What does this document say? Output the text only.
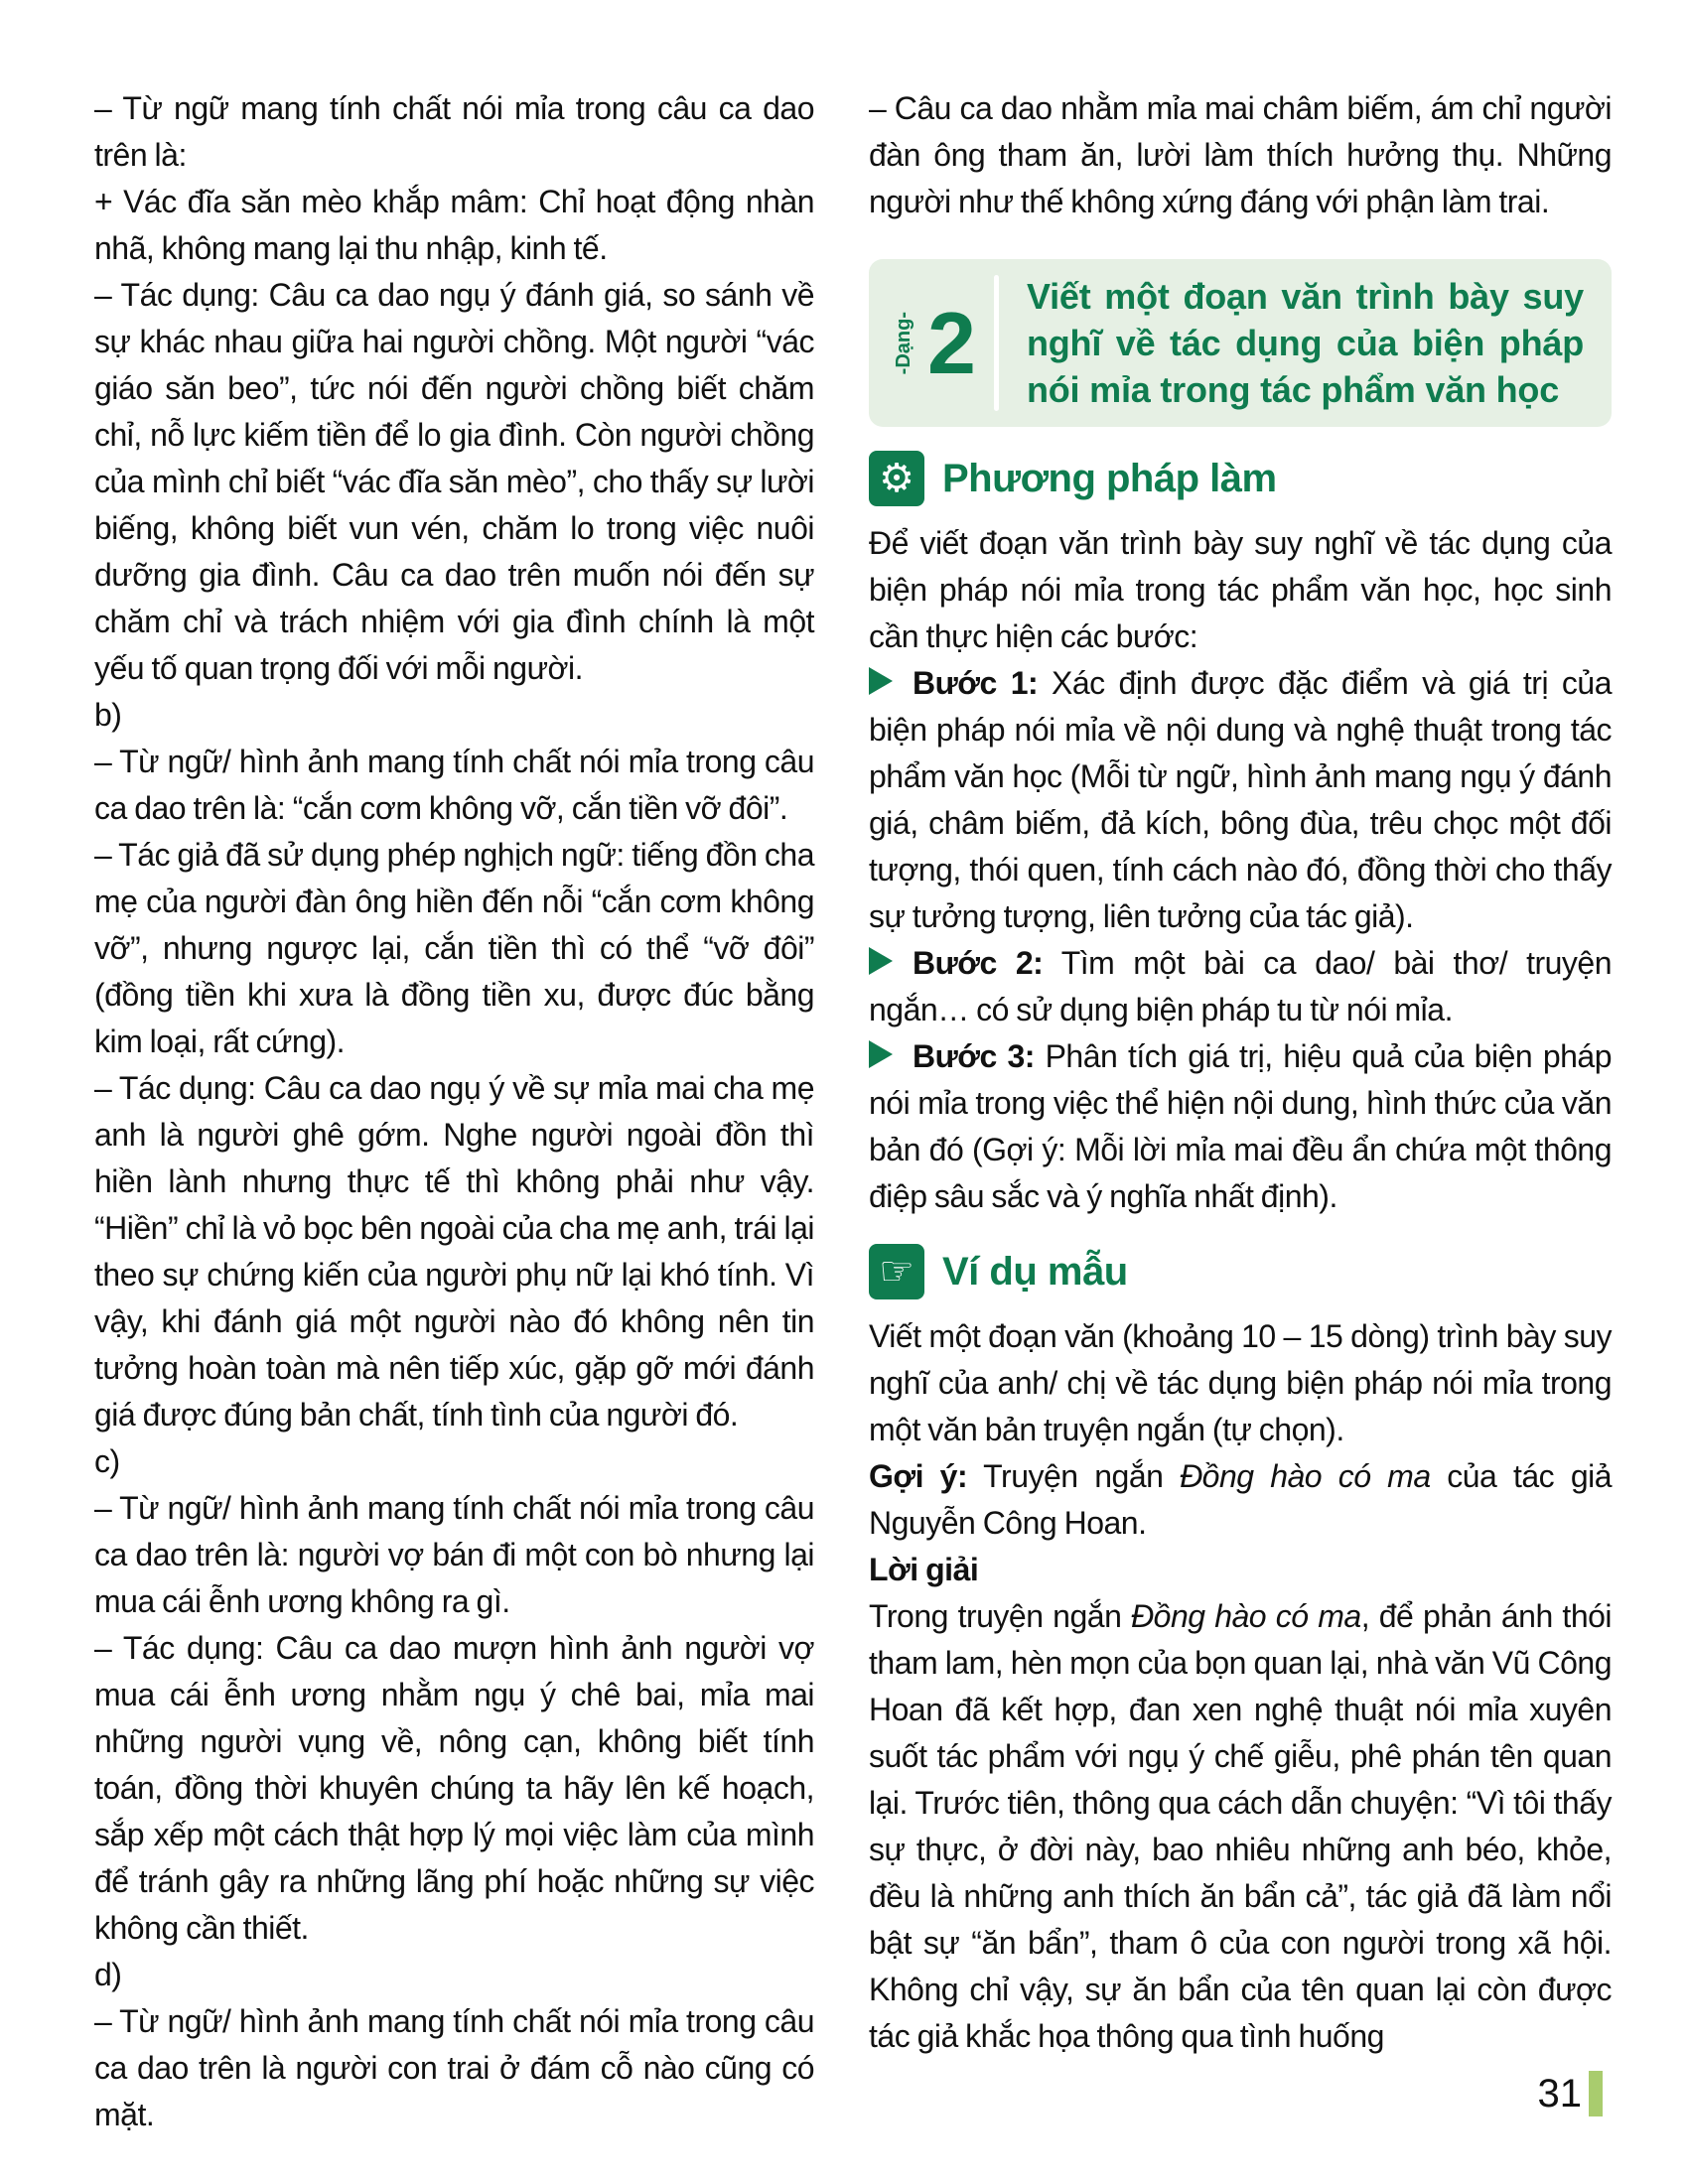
– Từ ngữ mang tính chất nói mỉa trong câu ca dao trên là:

+ Vác đĩa săn mèo khắp mâm: Chỉ hoạt động nhàn nhã, không mang lại thu nhập, kinh tế.

– Tác dụng: Câu ca dao ngụ ý đánh giá, so sánh về sự khác nhau giữa hai người chồng. Một người “vác giáo săn beo”, tức nói đến người chồng biết chăm chỉ, nỗ lực kiếm tiền để lo gia đình. Còn người chồng của mình chỉ biết “vác đĩa săn mèo”, cho thấy sự lười biếng, không biết vun vén, chăm lo trong việc nuôi dưỡng gia đình. Câu ca dao trên muốn nói đến sự chăm chỉ và trách nhiệm với gia đình chính là một yếu tố quan trọng đối với mỗi người.

b)

– Từ ngữ/ hình ảnh mang tính chất nói mỉa trong câu ca dao trên là: “cắn cơm không vỡ, cắn tiền vỡ đôi”.

– Tác giả đã sử dụng phép nghịch ngữ: tiếng đồn cha mẹ của người đàn ông hiền đến nỗi “cắn cơm không vỡ”, nhưng ngược lại, cắn tiền thì có thể “vỡ đôi” (đồng tiền khi xưa là đồng tiền xu, được đúc bằng kim loại, rất cứng).

– Tác dụng: Câu ca dao ngụ ý về sự mỉa mai cha mẹ anh là người ghê gớm. Nghe người ngoài đồn thì hiền lành nhưng thực tế thì không phải như vậy. “Hiền” chỉ là vỏ bọc bên ngoài của cha mẹ anh, trái lại theo sự chứng kiến của người phụ nữ lại khó tính. Vì vậy, khi đánh giá một người nào đó không nên tin tưởng hoàn toàn mà nên tiếp xúc, gặp gỡ mới đánh giá được đúng bản chất, tính tình của người đó.

c)

– Từ ngữ/ hình ảnh mang tính chất nói mỉa trong câu ca dao trên là: người vợ bán đi một con bò nhưng lại mua cái ễnh ương không ra gì.

– Tác dụng: Câu ca dao mượn hình ảnh người vợ mua cái ễnh ương nhằm ngụ ý chê bai, mỉa mai những người vụng về, nông cạn, không biết tính toán, đồng thời khuyên chúng ta hãy lên kế hoạch, sắp xếp một cách thật hợp lý mọi việc làm của mình để tránh gây ra những lãng phí hoặc những sự việc không cần thiết.

d)

– Từ ngữ/ hình ảnh mang tính chất nói mỉa trong câu ca dao trên là người con trai ở đám cỗ nào cũng có mặt.

– Câu ca dao nhằm mỉa mai châm biếm, ám chỉ người đàn ông tham ăn, lười làm thích hưởng thụ. Những người như thế không xứng đáng với phận làm trai.

-Dạng- 2 Viết một đoạn văn trình bày suy nghĩ về tác dụng của biện pháp nói mỉa trong tác phẩm văn học
⚙ Phương pháp làm

Để viết đoạn văn trình bày suy nghĩ về tác dụng của biện pháp nói mỉa trong tác phẩm văn học, học sinh cần thực hiện các bước:

Bước 1: Xác định được đặc điểm và giá trị của biện pháp nói mỉa về nội dung và nghệ thuật trong tác phẩm văn học (Mỗi từ ngữ, hình ảnh mang ngụ ý đánh giá, châm biếm, đả kích, bông đùa, trêu chọc một đối tượng, thói quen, tính cách nào đó, đồng thời cho thấy sự tưởng tượng, liên tưởng của tác giả).

Bước 2: Tìm một bài ca dao/ bài thơ/ truyện ngắn… có sử dụng biện pháp tu từ nói mỉa.

Bước 3: Phân tích giá trị, hiệu quả của biện pháp nói mỉa trong việc thể hiện nội dung, hình thức của văn bản đó (Gợi ý: Mỗi lời mỉa mai đều ẩn chứa một thông điệp sâu sắc và ý nghĩa nhất định).

☞ Ví dụ mẫu

Viết một đoạn văn (khoảng 10 – 15 dòng) trình bày suy nghĩ của anh/ chị về tác dụng biện pháp nói mỉa trong một văn bản truyện ngắn (tự chọn).

Gợi ý: Truyện ngắn Đồng hào có ma của tác giả Nguyễn Công Hoan.

Lời giải

Trong truyện ngắn Đồng hào có ma, để phản ánh thói tham lam, hèn mọn của bọn quan lại, nhà văn Vũ Công Hoan đã kết hợp, đan xen nghệ thuật nói mỉa xuyên suốt tác phẩm với ngụ ý chế giễu, phê phán tên quan lại. Trước tiên, thông qua cách dẫn chuyện: “Vì tôi thấy sự thực, ở đời này, bao nhiêu những anh béo, khỏe, đều là những anh thích ăn bẩn cả”, tác giả đã làm nổi bật sự “ăn bẩn”, tham ô của con người trong xã hội. Không chỉ vậy, sự ăn bẩn của tên quan lại còn được tác giả khắc họa thông qua tình huống

31
